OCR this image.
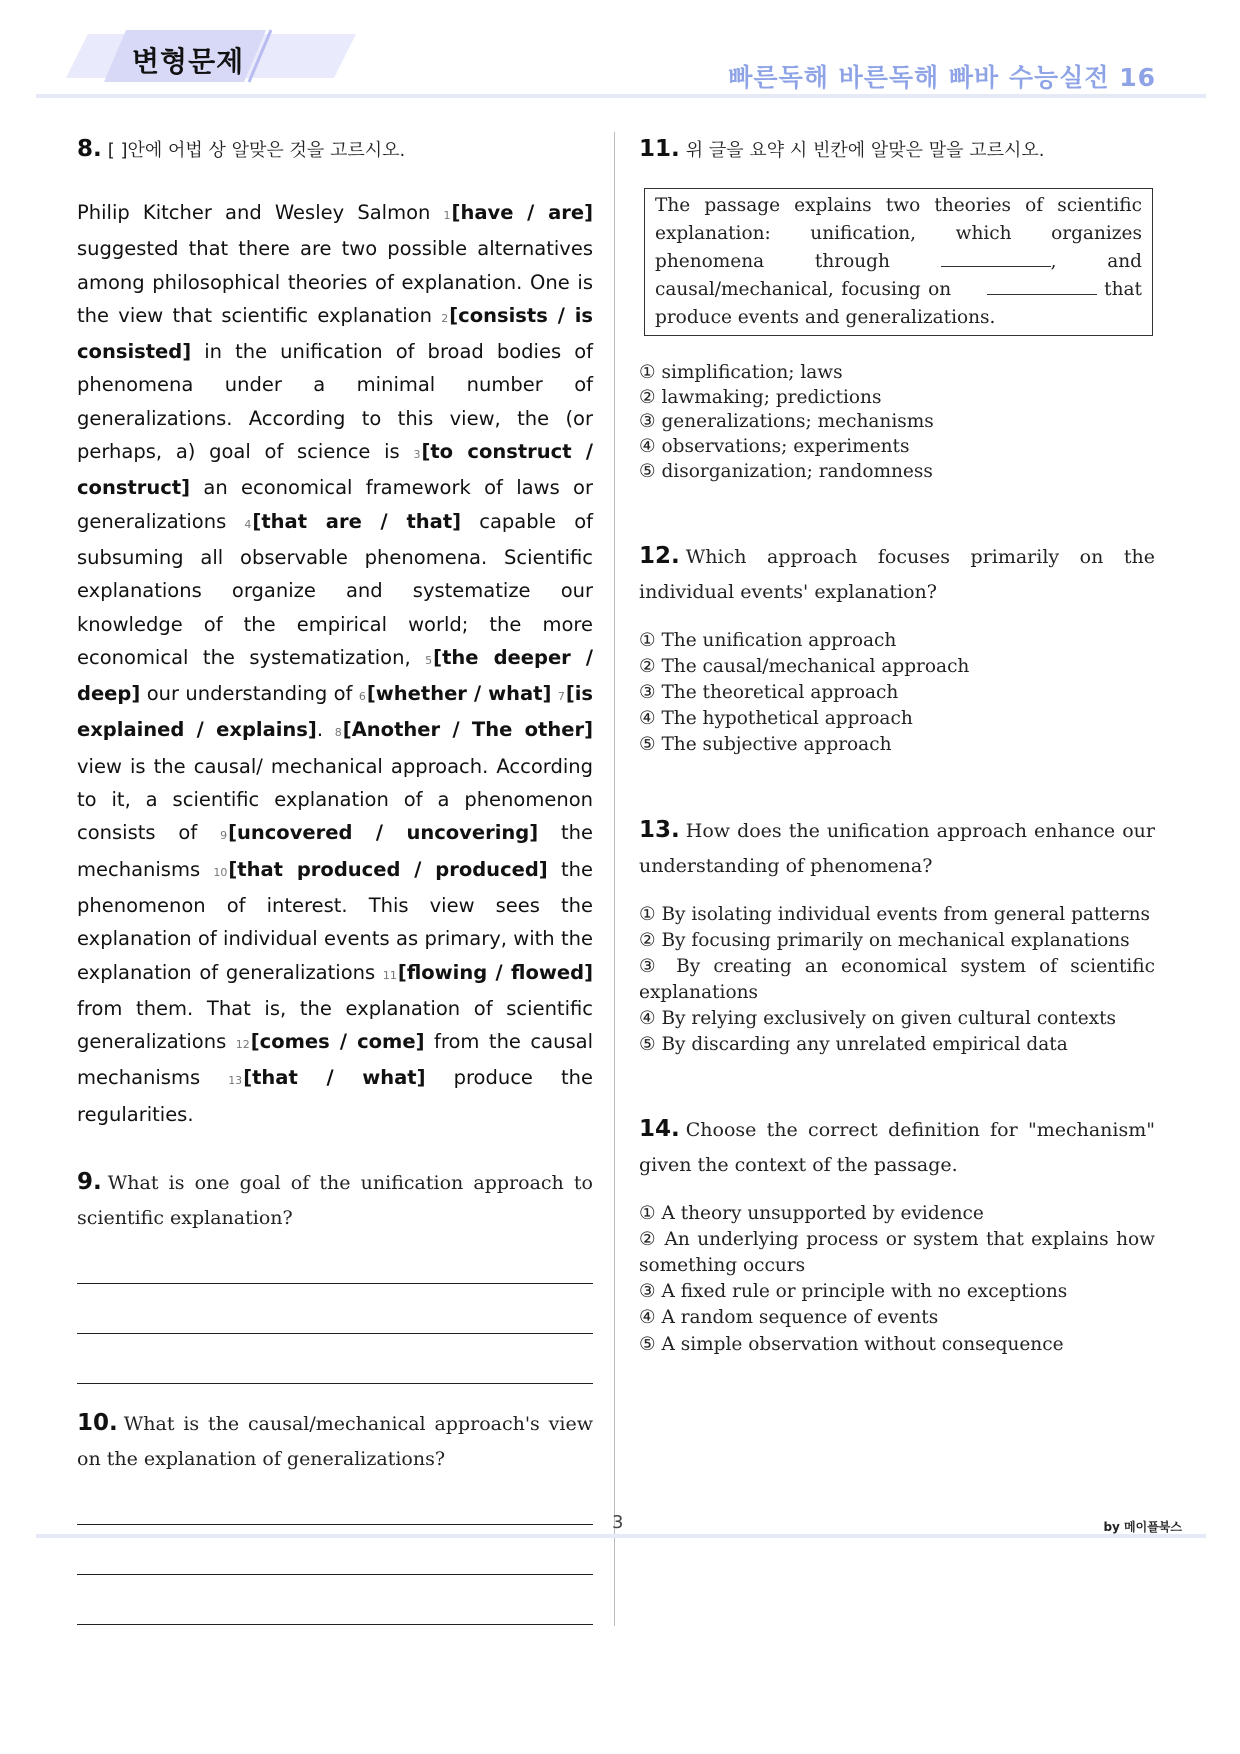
변형문제	빠른독해 바른독해 빠바 수능실전 16
8. [ ]안에 어법 상 알맞은 것을 고르시오.
Philip Kitcher and Wesley Salmon 1[have / are] suggested that there are two possible alternatives among philosophical theories of explanation. One is the view that scientific explanation 2[consists / is consisted] in the unification of broad bodies of phenomena under a minimal number of generalizations. According to this view, the (or perhaps, a) goal of science is 3[to construct / construct] an economical framework of laws or generalizations 4[that are / that] capable of subsuming all observable phenomena. Scientific explanations organize and systematize our knowledge of the empirical world; the more economical the systematization, 5[the deeper / deep] our understanding of 6[whether / what] 7[is explained / explains]. 8[Another / The other] view is the causal/ mechanical approach. According to it, a scientific explanation of a phenomenon consists of 9[uncovered / uncovering] the mechanisms 10[that produced / produced] the phenomenon of interest. This view sees the explanation of individual events as primary, with the explanation of generalizations 11[flowing / flowed] from them. That is, the explanation of scientific generalizations 12[comes / come] from the causal mechanisms 13[that / what] produce the regularities.
9. What is one goal of the unification approach to scientific explanation?
10. What is the causal/mechanical approach's view on the explanation of generalizations?
11. 위 글을 요약 시 빈칸에 알맞은 말을 고르시오.
The passage explains two theories of scientific explanation: unification, which organizes phenomena through	, and causal/mechanical, focusing on	that produce events and generalizations.
① simplification; laws
② lawmaking; predictions
③ generalizations; mechanisms
④ observations; experiments
⑤ disorganization; randomness
12. Which approach focuses primarily on the individual events' explanation?
① The unification approach
② The causal/mechanical approach
③ The theoretical approach
④ The hypothetical approach
⑤ The subjective approach
13. How does the unification approach enhance our understanding of phenomena?
① By isolating individual events from general patterns
② By focusing primarily on mechanical explanations
③ By creating an economical system of scientific explanations
④ By relying exclusively on given cultural contexts
⑤ By discarding any unrelated empirical data
14. Choose the correct definition for "mechanism" given the context of the passage.
① A theory unsupported by evidence
② An underlying process or system that explains how something occurs
③ A fixed rule or principle with no exceptions
④ A random sequence of events
⑤ A simple observation without consequence
3	by 메이플북스
